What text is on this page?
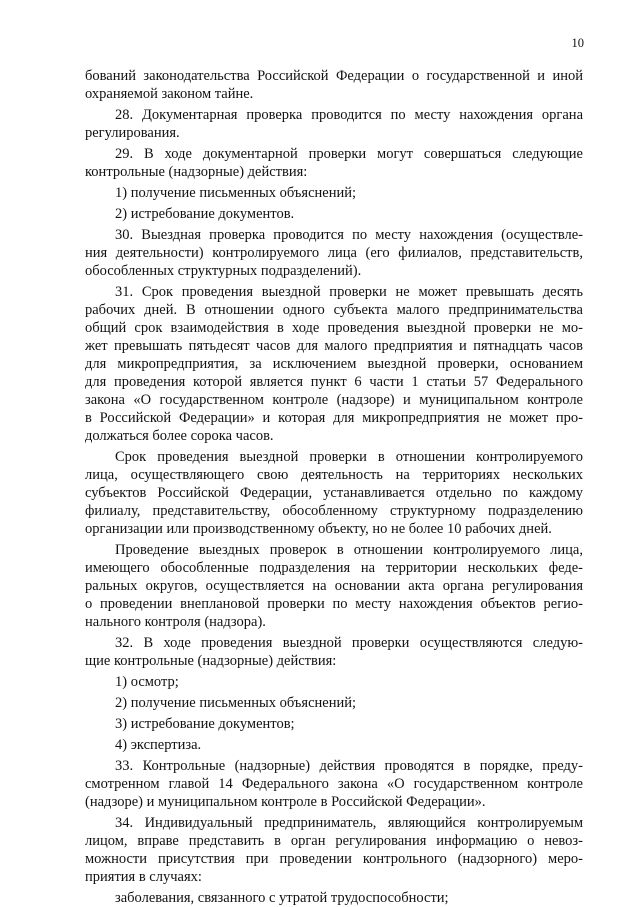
10
бований законодательства Российской Федерации о государственной и иной
охраняемой законом тайне.
28. Документарная проверка проводится по месту нахождения органа
регулирования.
29. В ходе документарной проверки могут совершаться следующие
контрольные (надзорные) действия:
1) получение письменных объяснений;
2) истребование документов.
30. Выездная проверка проводится по месту нахождения (осуществле-
ния деятельности) контролируемого лица (его филиалов, представительств,
обособленных структурных подразделений).
31. Срок проведения выездной проверки не может превышать десять
рабочих дней. В отношении одного субъекта малого предпринимательства
общий срок взаимодействия в ходе проведения выездной проверки не мо-
жет превышать пятьдесят часов для малого предприятия и пятнадцать часов
для микропредприятия, за исключением выездной проверки, основанием
для проведения которой является пункт 6 части 1 статьи 57 Федерального
закона «О государственном контроле (надзоре) и муниципальном контроле
в Российской Федерации» и которая для микропредприятия не может про-
должаться более сорока часов.
Срок проведения выездной проверки в отношении контролируемого
лица, осуществляющего свою деятельность на территориях нескольких
субъектов Российской Федерации, устанавливается отдельно по каждому
филиалу, представительству, обособленному структурному подразделению
организации или производственному объекту, но не более 10 рабочих дней.
Проведение выездных проверок в отношении контролируемого лица,
имеющего обособленные подразделения на территории нескольких феде-
ральных округов, осуществляется на основании акта органа регулирования
о проведении внеплановой проверки по месту нахождения объектов регио-
нального контроля (надзора).
32. В ходе проведения выездной проверки осуществляются следую-
щие контрольные (надзорные) действия:
1) осмотр;
2) получение письменных объяснений;
3) истребование документов;
4) экспертиза.
33. Контрольные (надзорные) действия проводятся в порядке, преду-
смотренном главой 14 Федерального закона «О государственном контроле
(надзоре) и муниципальном контроле в Российской Федерации».
34. Индивидуальный предприниматель, являющийся контролируемым
лицом, вправе представить в орган регулирования информацию о невоз-
можности присутствия при проведении контрольного (надзорного) меро-
приятия в случаях:
заболевания, связанного с утратой трудоспособности;
